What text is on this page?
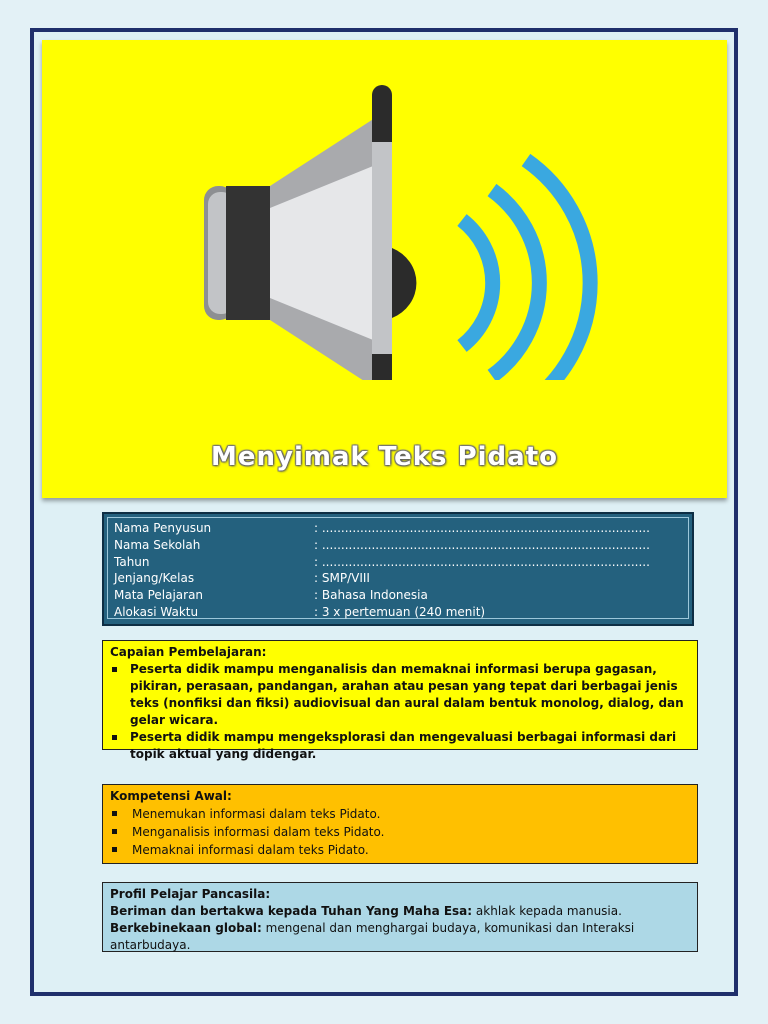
Menyimak Teks Pidato
Nama Penyusun	: ......................................................................................
Nama Sekolah	: ......................................................................................
Tahun	: ......................................................................................
Jenjang/Kelas	: SMP/VIII
Mata Pelajaran	: Bahasa Indonesia
Alokasi Waktu	: 3 x pertemuan (240 menit)
Capaian Pembelajaran:
Peserta didik mampu menganalisis dan memaknai informasi berupa gagasan, pikiran, perasaan, pandangan, arahan atau pesan yang tepat dari berbagai jenis teks (nonfiksi dan fiksi) audiovisual dan aural dalam bentuk monolog, dialog, dan gelar wicara.
Peserta didik mampu mengeksplorasi dan mengevaluasi berbagai informasi dari topik aktual yang didengar.
Kompetensi Awal:
Menemukan informasi dalam teks Pidato.
Menganalisis informasi dalam teks Pidato.
Memaknai informasi dalam teks Pidato.
Profil Pelajar Pancasila:
Beriman dan bertakwa kepada Tuhan Yang Maha Esa: akhlak kepada manusia.
Berkebinekaan global: mengenal dan menghargai budaya, komunikasi dan Interaksi antarbudaya.
